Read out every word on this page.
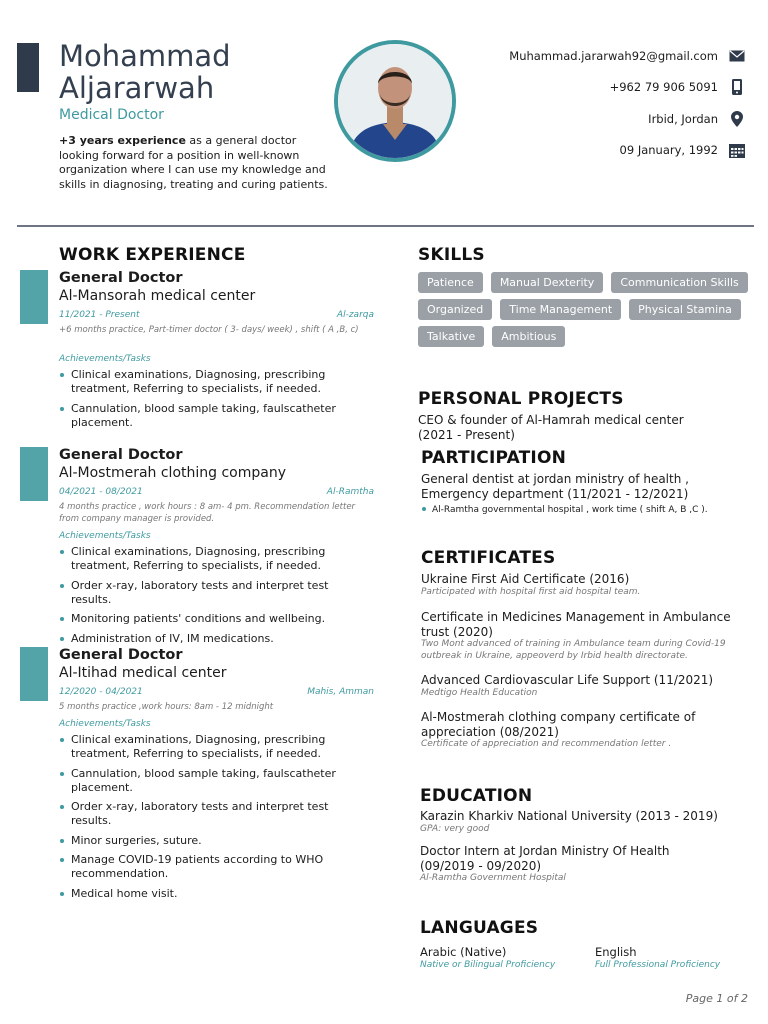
Mohammad
Aljararwah
Medical Doctor
+3 years experience as a general doctor looking forward for a position in well-known organization where I can use my knowledge and skills in diagnosing, treating and curing patients.
Muhammad.jararwah92@gmail.com
+962 79 906 5091
Irbid, Jordan
09 January, 1992
WORK EXPERIENCE
General Doctor
Al-Mansorah medical center
11/2021 - Present	Al-zarqa
+6 months practice, Part-timer doctor ( 3- days/ week) , shift ( A ,B, c)
Achievements/Tasks
Clinical examinations, Diagnosing, prescribing treatment, Referring to specialists, if needed.
Cannulation, blood sample taking, faulscatheter placement.
General Doctor
Al-Mostmerah clothing company
04/2021 - 08/2021	Al-Ramtha
4 months practice , work hours : 8 am- 4 pm. Recommendation letter from company manager is provided.
Achievements/Tasks
Clinical examinations, Diagnosing, prescribing treatment, Referring to specialists, if needed.
Order x-ray, laboratory tests and interpret test results.
Monitoring patients' conditions and wellbeing.
Administration of IV, IM medications.
General Doctor
Al-Itihad medical center
12/2020 - 04/2021	Mahis, Amman
5 months practice ,work hours: 8am - 12 midnight
Achievements/Tasks
Clinical examinations, Diagnosing, prescribing treatment, Referring to specialists, if needed.
Cannulation, blood sample taking, faulscatheter placement.
Order x-ray, laboratory tests and interpret test results.
Minor surgeries, suture.
Manage COVID-19 patients according to WHO recommendation.
Medical home visit.
SKILLS
Patience	Manual Dexterity	Communication Skills
Organized	Time Management	Physical Stamina
Talkative	Ambitious
PERSONAL PROJECTS
CEO & founder of Al-Hamrah medical center
(2021 - Present)
PARTICIPATION
General dentist at jordan ministry of health ,
Emergency department (11/2021 - 12/2021)
Al-Ramtha governmental hospital , work time ( shift A, B ,C ).
CERTIFICATES
Ukraine First Aid Certificate (2016)
Participated with hospital first aid hospital team.
Certificate in Medicines Management in Ambulance trust (2020)
Two Mont advanced of training in Ambulance team during Covid-19 outbreak in Ukraine, appeoverd by Irbid health directorate.
Advanced Cardiovascular Life Support (11/2021)
Medtigo Health Education
Al-Mostmerah clothing company certificate of appreciation (08/2021)
Certificate of appreciation and recommendation letter .
EDUCATION
Karazin Kharkiv National University (2013 - 2019)
GPA: very good
Doctor Intern at Jordan Ministry Of Health
(09/2019 - 09/2020)
Al-Ramtha Government Hospital
LANGUAGES
Arabic (Native)
Native or Bilingual Proficiency
English
Full Professional Proficiency
Page 1 of 2
